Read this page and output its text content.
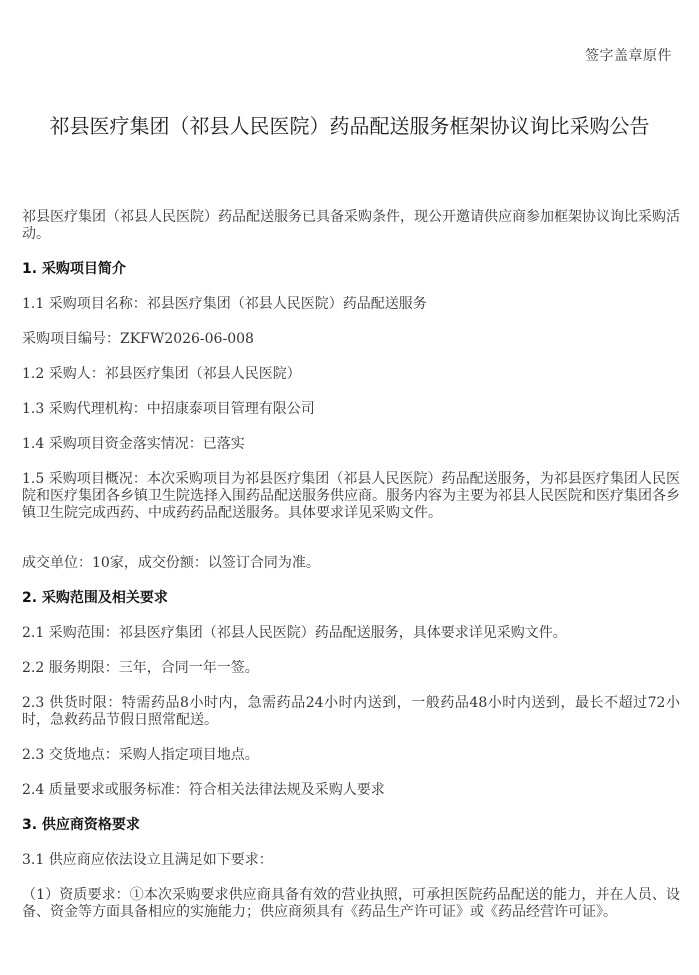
签字盖章原件
祁县医疗集团（祁县人民医院）药品配送服务框架协议询比采购公告

祁县医疗集团（祁县人民医院）药品配送服务已具备采购条件，现公开邀请供应商参加框架协议询比采购活动。

1. 采购项目简介

1.1 采购项目名称：祁县医疗集团（祁县人民医院）药品配送服务

采购项目编号：ZKFW2026-06-008

1.2 采购人：祁县医疗集团（祁县人民医院）

1.3 采购代理机构：中招康泰项目管理有限公司

1.4 采购项目资金落实情况：已落实

1.5 采购项目概况：本次采购项目为祁县医疗集团（祁县人民医院）药品配送服务，为祁县医疗集团人民医院和医疗集团各乡镇卫生院选择入围药品配送服务供应商。服务内容为主要为祁县人民医院和医疗集团各乡镇卫生院完成西药、中成药药品配送服务。具体要求详见采购文件。

成交单位：10家，成交份额：以签订合同为准。

2. 采购范围及相关要求

2.1 采购范围：祁县医疗集团（祁县人民医院）药品配送服务，具体要求详见采购文件。

2.2 服务期限：三年，合同一年一签。

2.3 供货时限：特需药品8小时内，急需药品24小时内送到，一般药品48小时内送到，最长不超过72小时，急救药品节假日照常配送。

2.3 交货地点：采购人指定项目地点。

2.4 质量要求或服务标准：符合相关法律法规及采购人要求

3. 供应商资格要求

3.1 供应商应依法设立且满足如下要求：

（1）资质要求：①本次采购要求供应商具备有效的营业执照，可承担医院药品配送的能力，并在人员、设备、资金等方面具备相应的实施能力；供应商须具有《药品生产许可证》或《药品经营许可证》。
